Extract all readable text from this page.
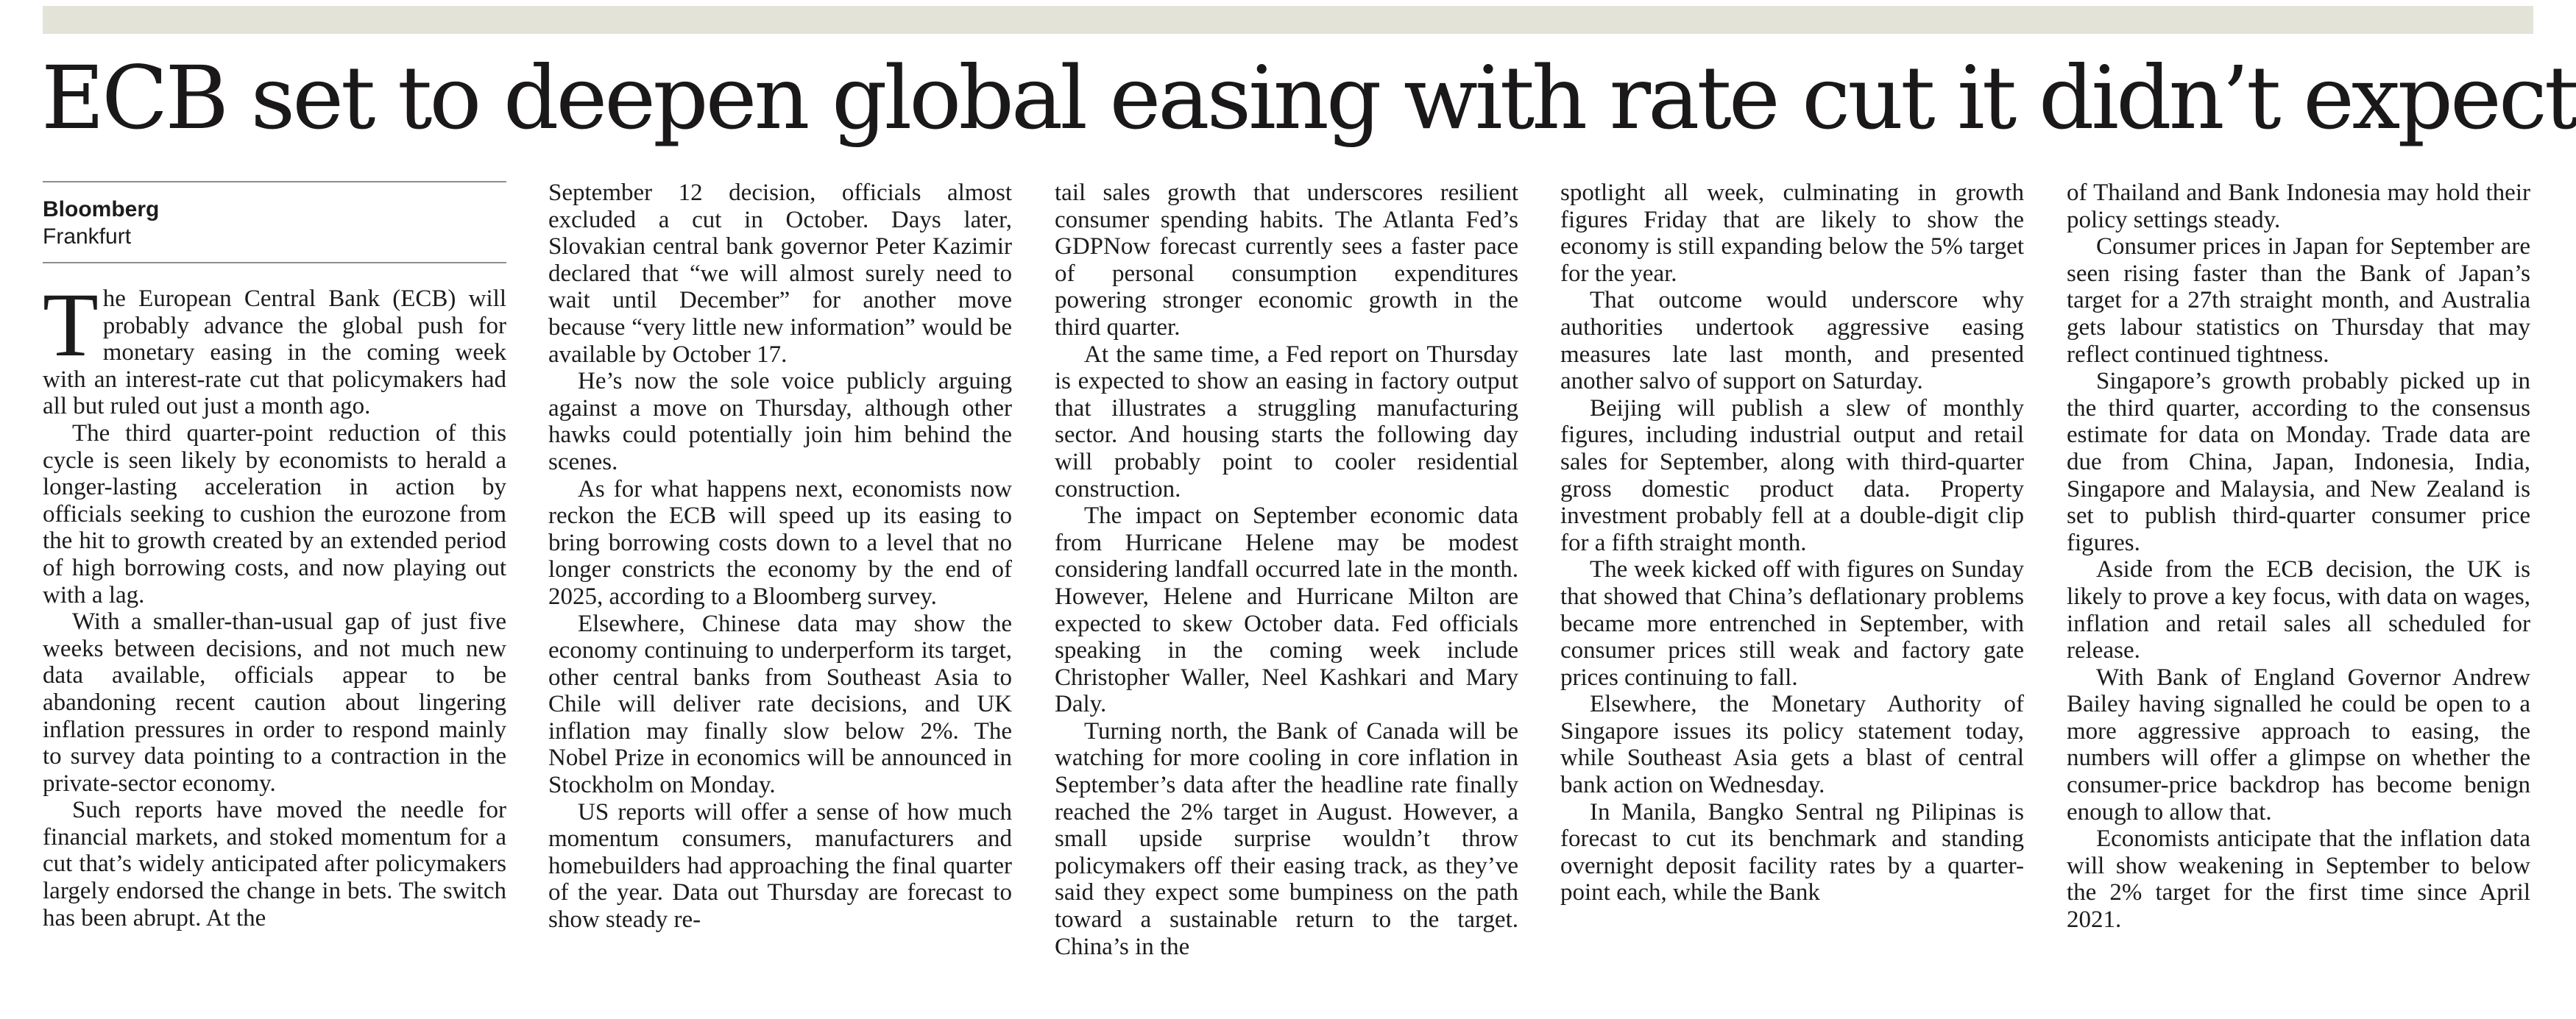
ECB set to deepen global easing with rate cut it didn’t expect
Bloomberg
Frankfurt

The European Central Bank (ECB) will probably advance the global push for monetary easing in the coming week with an interest-rate cut that policymakers had all but ruled out just a month ago.

The third quarter-point reduction of this cycle is seen likely by economists to herald a longer-lasting acceleration in action by officials seeking to cushion the eurozone from the hit to growth created by an extended period of high borrowing costs, and now playing out with a lag.

With a smaller-than-usual gap of just five weeks between decisions, and not much new data available, officials appear to be abandoning recent caution about lingering inflation pressures in order to respond mainly to survey data pointing to a contraction in the private-sector economy.

Such reports have moved the needle for financial markets, and stoked momentum for a cut that’s widely anticipated after policymakers largely endorsed the change in bets. The switch has been abrupt. At the

September 12 decision, officials almost excluded a cut in October. Days later, Slovakian central bank governor Peter Kazimir declared that “we will almost surely need to wait until December” for another move because “very little new information” would be available by October 17.

He’s now the sole voice publicly arguing against a move on Thursday, although other hawks could potentially join him behind the scenes.

As for what happens next, economists now reckon the ECB will speed up its easing to bring borrowing costs down to a level that no longer constricts the economy by the end of 2025, according to a Bloomberg survey.

Elsewhere, Chinese data may show the economy continuing to underperform its target, other central banks from Southeast Asia to Chile will deliver rate decisions, and UK inflation may finally slow below 2%. The Nobel Prize in economics will be announced in Stockholm on Monday.

US reports will offer a sense of how much momentum consumers, manufacturers and homebuilders had approaching the final quarter of the year. Data out Thursday are forecast to show steady re-

tail sales growth that underscores resilient consumer spending habits. The Atlanta Fed’s GDPNow forecast currently sees a faster pace of personal consumption expenditures powering stronger economic growth in the third quarter.

At the same time, a Fed report on Thursday is expected to show an easing in factory output that illustrates a struggling manufacturing sector. And housing starts the following day will probably point to cooler residential construction.

The impact on September economic data from Hurricane Helene may be modest considering landfall occurred late in the month. However, Helene and Hurricane Milton are expected to skew October data. Fed officials speaking in the coming week include Christopher Waller, Neel Kashkari and Mary Daly.

Turning north, the Bank of Canada will be watching for more cooling in core inflation in September’s data after the headline rate finally reached the 2% target in August. However, a small upside surprise wouldn’t throw policymakers off their easing track, as they’ve said they expect some bumpiness on the path toward a sustainable return to the target. China’s in the

spotlight all week, culminating in growth figures Friday that are likely to show the economy is still expanding below the 5% target for the year.

That outcome would underscore why authorities undertook aggressive easing measures late last month, and presented another salvo of support on Saturday.

Beijing will publish a slew of monthly figures, including industrial output and retail sales for September, along with third-quarter gross domestic product data. Property investment probably fell at a double-digit clip for a fifth straight month.

The week kicked off with figures on Sunday that showed that China’s deflationary problems became more entrenched in September, with consumer prices still weak and factory gate prices continuing to fall.

Elsewhere, the Monetary Authority of Singapore issues its policy statement today, while Southeast Asia gets a blast of central bank action on Wednesday.

In Manila, Bangko Sentral ng Pilipinas is forecast to cut its benchmark and standing overnight deposit facility rates by a quarter-point each, while the Bank

of Thailand and Bank Indonesia may hold their policy settings steady.

Consumer prices in Japan for September are seen rising faster than the Bank of Japan’s target for a 27th straight month, and Australia gets labour statistics on Thursday that may reflect continued tightness.

Singapore’s growth probably picked up in the third quarter, according to the consensus estimate for data on Monday. Trade data are due from China, Japan, Indonesia, India, Singapore and Malaysia, and New Zealand is set to publish third-quarter consumer price figures.

Aside from the ECB decision, the UK is likely to prove a key focus, with data on wages, inflation and retail sales all scheduled for release.

With Bank of England Governor Andrew Bailey having signalled he could be open to a more aggressive approach to easing, the numbers will offer a glimpse on whether the consumer-price backdrop has become benign enough to allow that.

Economists anticipate that the inflation data will show weakening in September to below the 2% target for the first time since April 2021.
